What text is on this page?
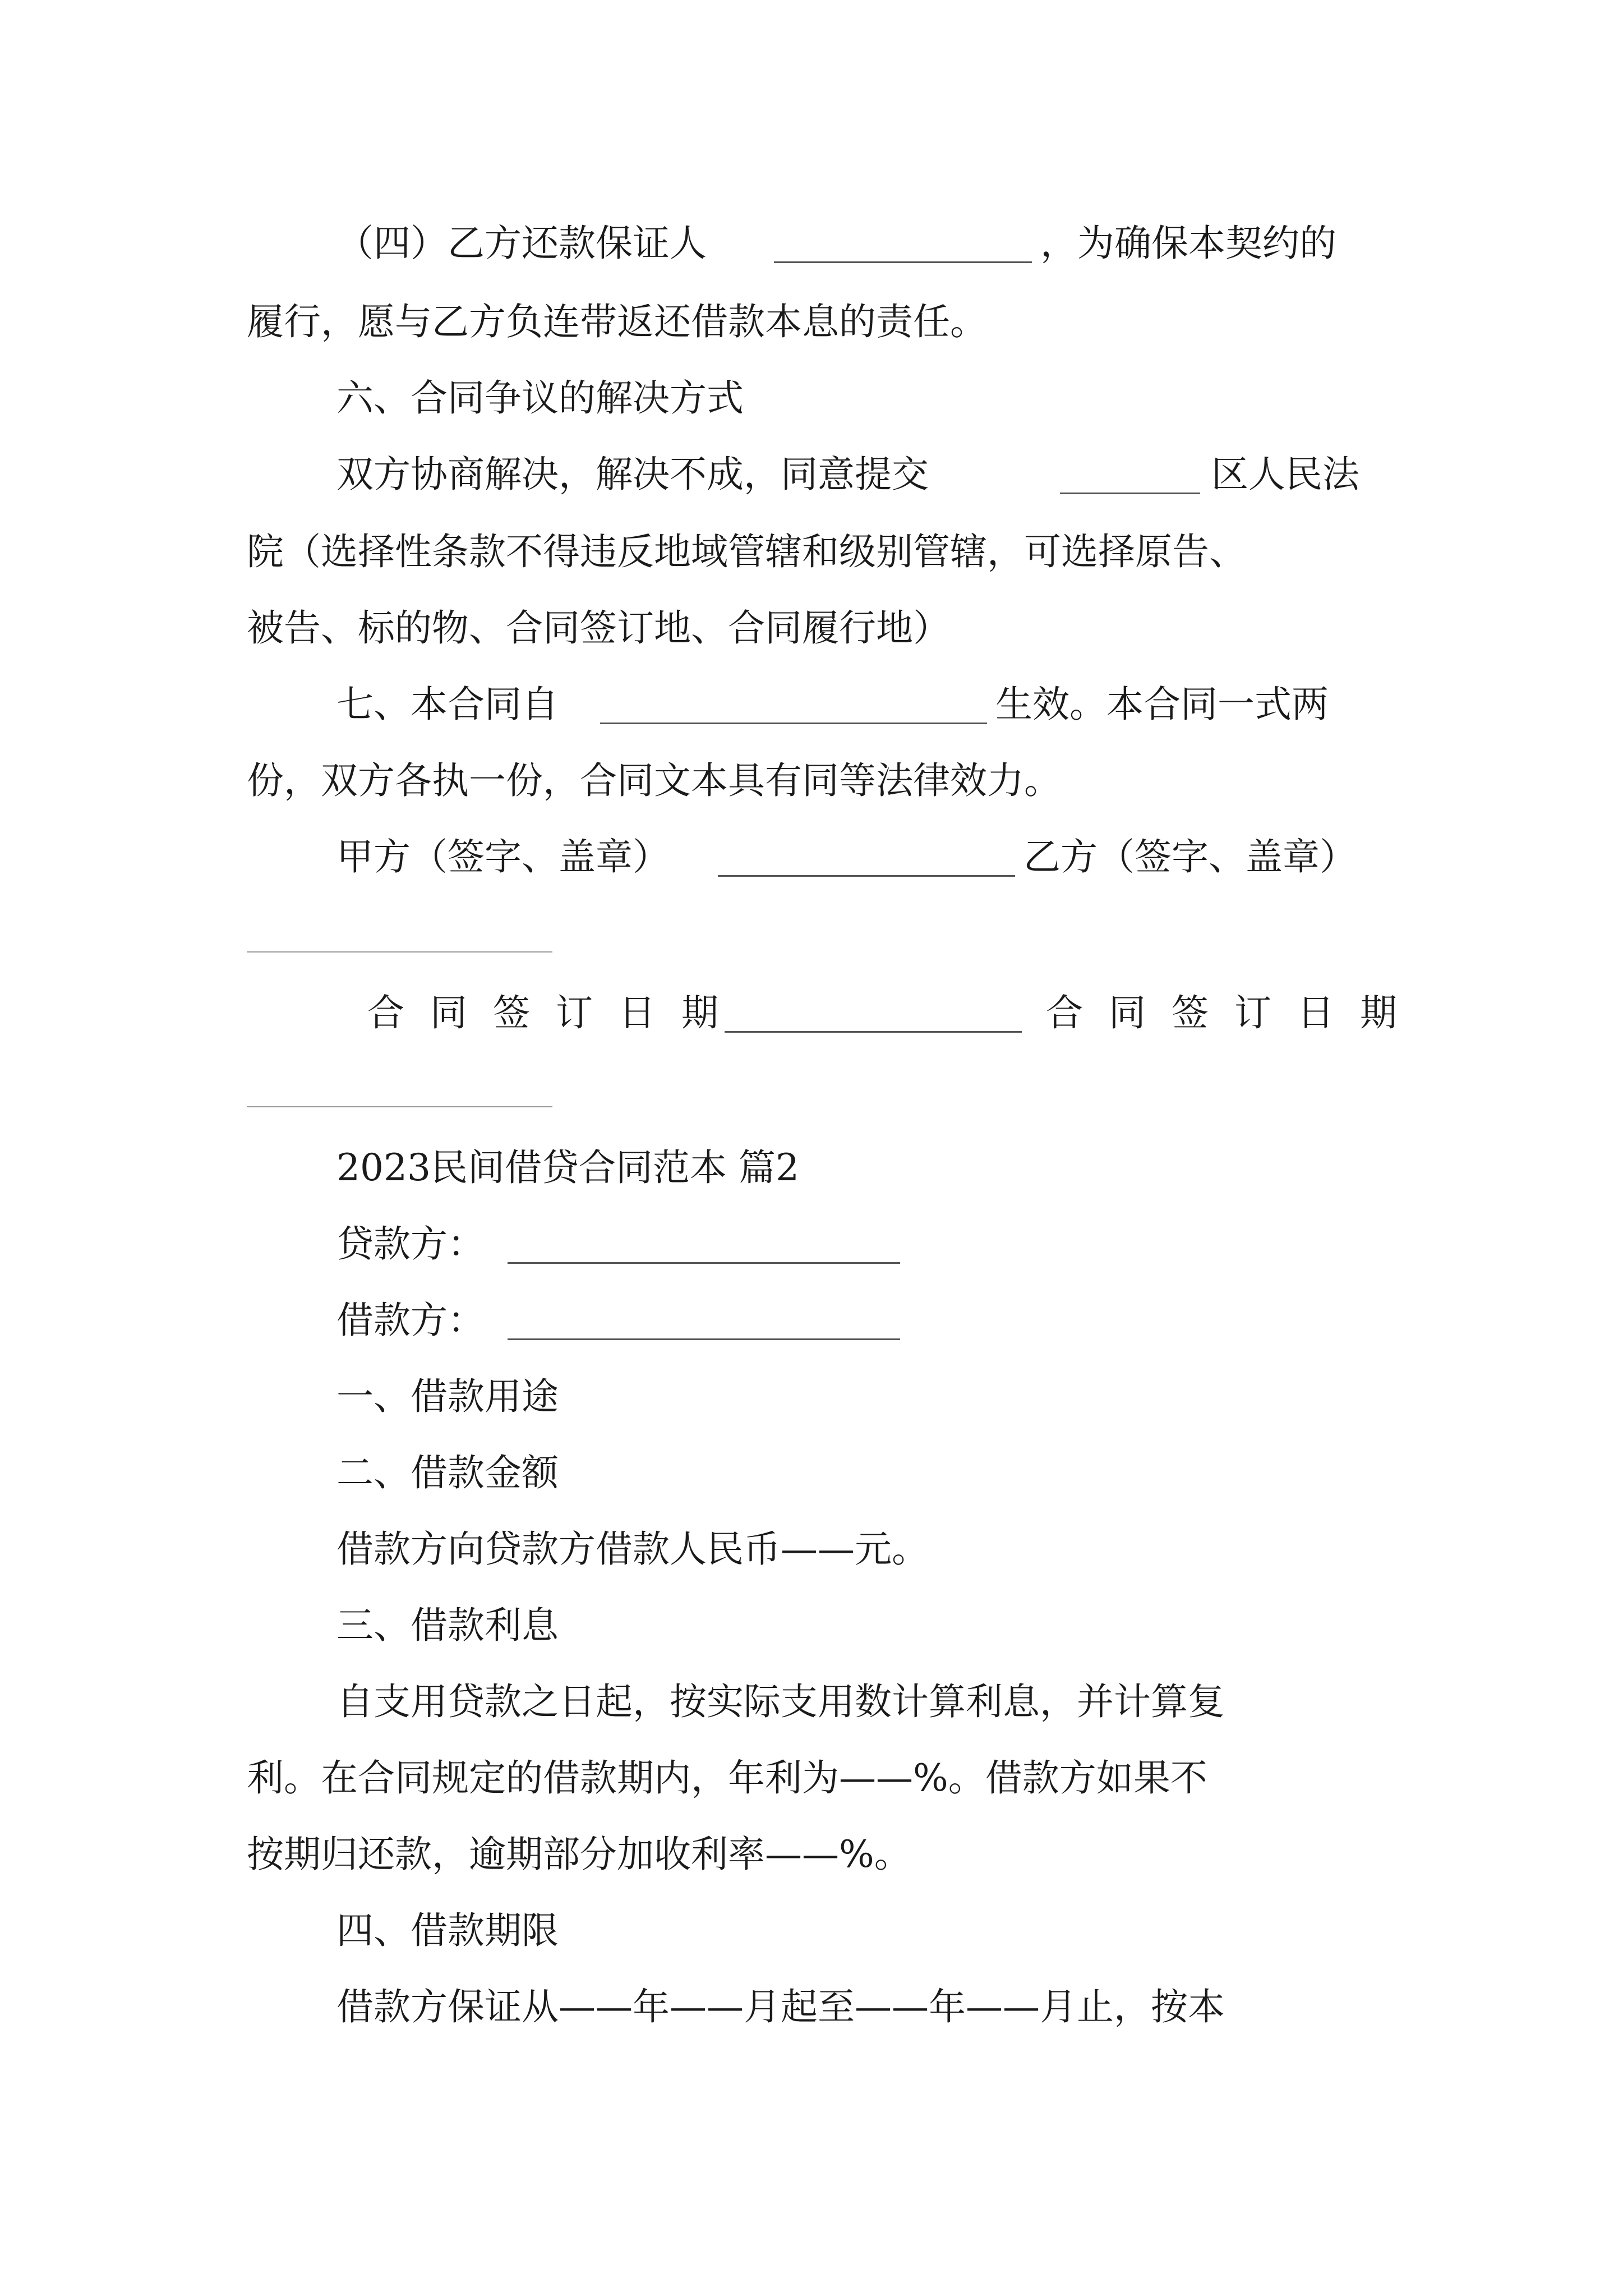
（四）乙方还款保证人	，为确保本契约的
履行，愿与乙方负连带返还借款本息的责任。
六、合同争议的解决方式
双方协商解决，解决不成，同意提交	区人民法
院（选择性条款不得违反地域管辖和级别管辖，可选择原告、
被告、标的物、合同签订地、合同履行地）
七、本合同自	生效。本合同一式两
份，双方各执一份，合同文本具有同等法律效力。
甲方（签字、盖章）	乙方（签字、盖章）
合同签订日期	合同签订日期
2023民间借贷合同范本 篇2
贷款方：
借款方：
一、借款用途
二、借款金额
借款方向贷款方借款人民币——元。
三、借款利息
自支用贷款之日起，按实际支用数计算利息，并计算复
利。在合同规定的借款期内，年利为——%。借款方如果不
按期归还款，逾期部分加收利率——%。
四、借款期限
借款方保证从——年——月起至——年——月止，按本
